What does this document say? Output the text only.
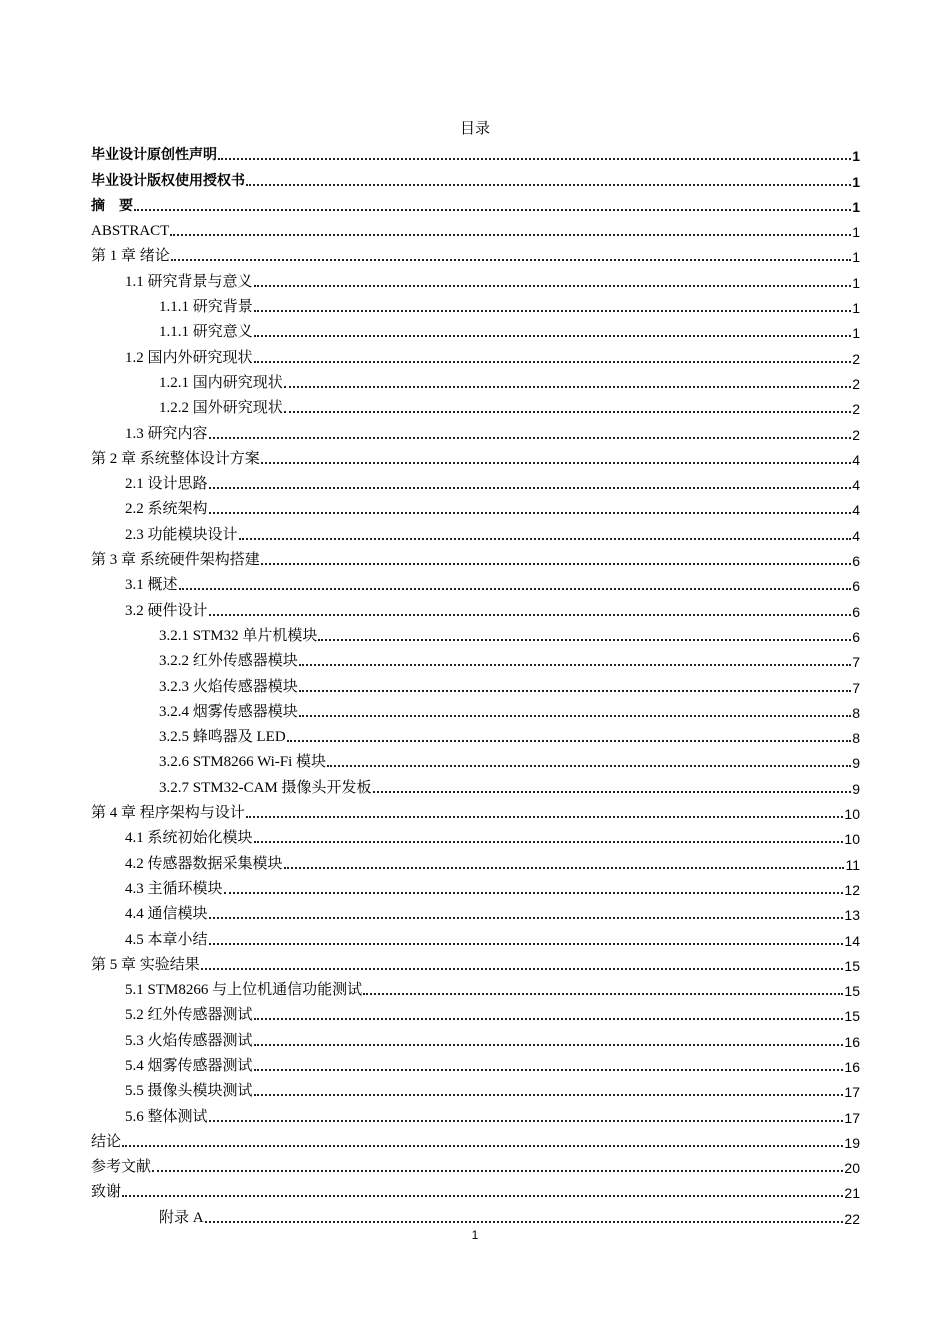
目录
毕业设计原创性声明	1
毕业设计版权使用授权书	1
摘　要	1
ABSTRACT	1
第 1 章 绪论	1
1.1 研究背景与意义	1
1.1.1 研究背景	1
1.1.1 研究意义	1
1.2 国内外研究现状	2
1.2.1 国内研究现状	2
1.2.2 国外研究现状	2
1.3 研究内容	2
第 2 章 系统整体设计方案	4
2.1 设计思路	4
2.2 系统架构	4
2.3 功能模块设计	4
第 3 章 系统硬件架构搭建	6
3.1 概述	6
3.2 硬件设计	6
3.2.1 STM32 单片机模块	6
3.2.2 红外传感器模块	7
3.2.3 火焰传感器模块	7
3.2.4 烟雾传感器模块	8
3.2.5 蜂鸣器及 LED	8
3.2.6 STM8266 Wi-Fi 模块	9
3.2.7 STM32-CAM 摄像头开发板	9
第 4 章 程序架构与设计	10
4.1 系统初始化模块	10
4.2 传感器数据采集模块	11
4.3 主循环模块	12
4.4 通信模块	13
4.5 本章小结	14
第 5 章 实验结果	15
5.1 STM8266 与上位机通信功能测试	15
5.2 红外传感器测试	15
5.3 火焰传感器测试	16
5.4 烟雾传感器测试	16
5.5 摄像头模块测试	17
5.6 整体测试	17
结论	19
参考文献	20
致谢	21
附录 A	22
1
